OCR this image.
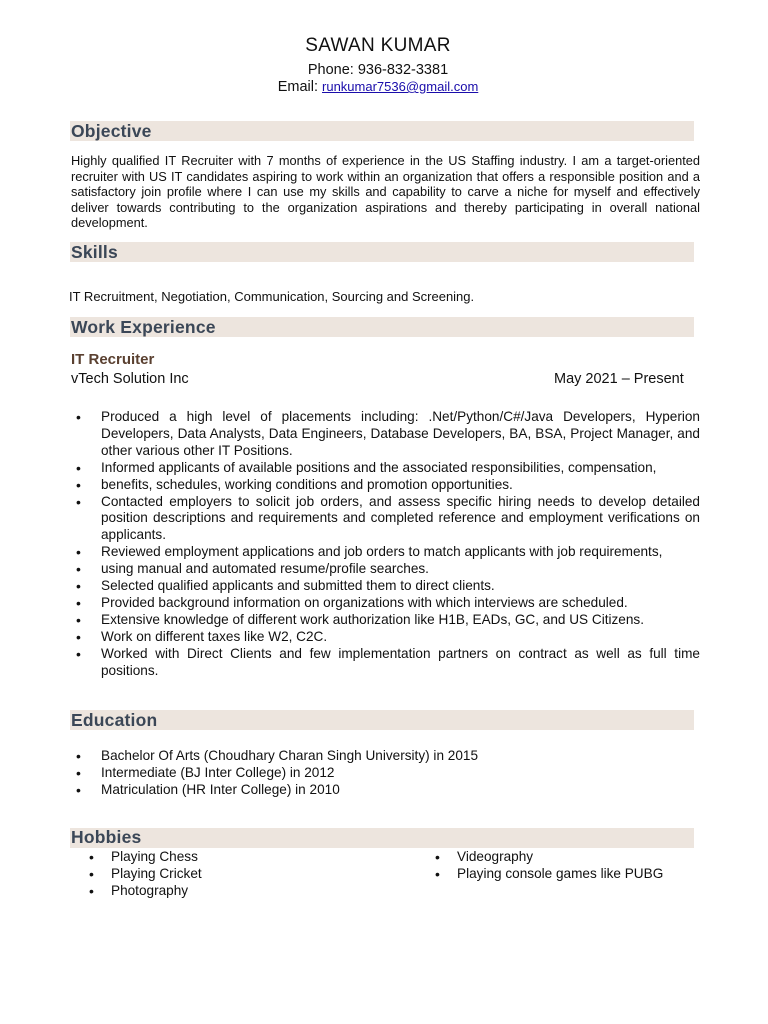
SAWAN KUMAR
Phone: 936-832-3381
Email: runkumar7536@gmail.com
Objective
Highly qualified IT Recruiter with 7 months of experience in the US Staffing industry. I am a target-oriented recruiter with US IT candidates aspiring to work within an organization that offers a responsible position and a satisfactory join profile where I can use my skills and capability to carve a niche for myself and effectively deliver towards contributing to the organization aspirations and thereby participating in overall national development.
Skills
IT Recruitment, Negotiation, Communication, Sourcing and Screening.
Work Experience
IT Recruiter
vTech Solution Inc	May 2021 – Present
• Produced a high level of placements including: .Net/Python/C#/Java Developers, Hyperion Developers, Data Analysts, Data Engineers, Database Developers, BA, BSA, Project Manager, and other various other IT Positions.
• Informed applicants of available positions and the associated responsibilities, compensation,
• benefits, schedules, working conditions and promotion opportunities.
• Contacted employers to solicit job orders, and assess specific hiring needs to develop detailed position descriptions and requirements and completed reference and employment verifications on applicants.
• Reviewed employment applications and job orders to match applicants with job requirements,
• using manual and automated resume/profile searches.
• Selected qualified applicants and submitted them to direct clients.
• Provided background information on organizations with which interviews are scheduled.
• Extensive knowledge of different work authorization like H1B, EADs, GC, and US Citizens.
• Work on different taxes like W2, C2C.
• Worked with Direct Clients and few implementation partners on contract as well as full time positions.
Education
• Bachelor Of Arts (Choudhary Charan Singh University) in 2015
• Intermediate (BJ Inter College) in 2012
• Matriculation (HR Inter College) in 2010
Hobbies
• Playing Chess
• Playing Cricket
• Photography
• Videography
• Playing console games like PUBG
